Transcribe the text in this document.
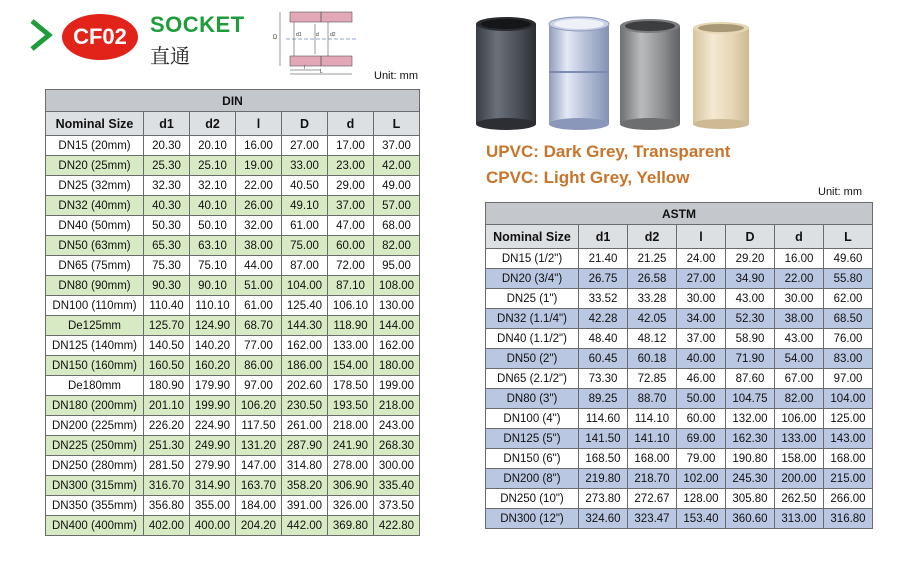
CF02	SOCKET
直通
D	d1	d d2
l
L	Unit: mm
UPVC: Dark Grey, Transparent
CPVC: Light Grey, Yellow
Unit: mm
DIN						
Nominal Size	d1	d2	l	D	d	L
DN15 (20mm)	20.30	20.10	16.00	27.00	17.00	37.00
DN20 (25mm)	25.30	25.10	19.00	33.00	23.00	42.00
DN25 (32mm)	32.30	32.10	22.00	40.50	29.00	49.00
DN32 (40mm)	40.30	40.10	26.00	49.10	37.00	57.00
DN40 (50mm)	50.30	50.10	32.00	61.00	47.00	68.00
DN50 (63mm)	65.30	63.10	38.00	75.00	60.00	82.00
DN65 (75mm)	75.30	75.10	44.00	87.00	72.00	95.00
DN80 (90mm)	90.30	90.10	51.00	104.00	87.10	108.00
DN100 (110mm)	110.40	110.10	61.00	125.40	106.10	130.00
De125mm	125.70	124.90	68.70	144.30	118.90	144.00
DN125 (140mm)	140.50	140.20	77.00	162.00	133.00	162.00
DN150 (160mm)	160.50	160.20	86.00	186.00	154.00	180.00
De180mm	180.90	179.90	97.00	202.60	178.50	199.00
DN180 (200mm)	201.10	199.90	106.20	230.50	193.50	218.00
DN200 (225mm)	226.20	224.90	117.50	261.00	218.00	243.00
DN225 (250mm)	251.30	249.90	131.20	287.90	241.90	268.30
DN250 (280mm)	281.50	279.90	147.00	314.80	278.00	300.00
DN300 (315mm)	316.70	314.90	163.70	358.20	306.90	335.40
DN350 (355mm)	356.80	355.00	184.00	391.00	326.00	373.50
DN400 (400mm)	402.00	400.00	204.20	442.00	369.80	422.80
ASTM						
Nominal Size	d1	d2	l	D	d	L
DN15 (1/2")	21.40	21.25	24.00	29.20	16.00	49.60
DN20 (3/4")	26.75	26.58	27.00	34.90	22.00	55.80
DN25 (1")	33.52	33.28	30.00	43.00	30.00	62.00
DN32 (1.1/4")	42.28	42.05	34.00	52.30	38.00	68.50
DN40 (1.1/2")	48.40	48.12	37.00	58.90	43.00	76.00
DN50 (2")	60.45	60.18	40.00	71.90	54.00	83.00
DN65 (2.1/2")	73.30	72.85	46.00	87.60	67.00	97.00
DN80 (3")	89.25	88.70	50.00	104.75	82.00	104.00
DN100 (4")	114.60	114.10	60.00	132.00	106.00	125.00
DN125 (5")	141.50	141.10	69.00	162.30	133.00	143.00
DN150 (6")	168.50	168.00	79.00	190.80	158.00	168.00
DN200 (8")	219.80	218.70	102.00	245.30	200.00	215.00
DN250 (10")	273.80	272.67	128.00	305.80	262.50	266.00
DN300 (12")	324.60	323.47	153.40	360.60	313.00	316.80
